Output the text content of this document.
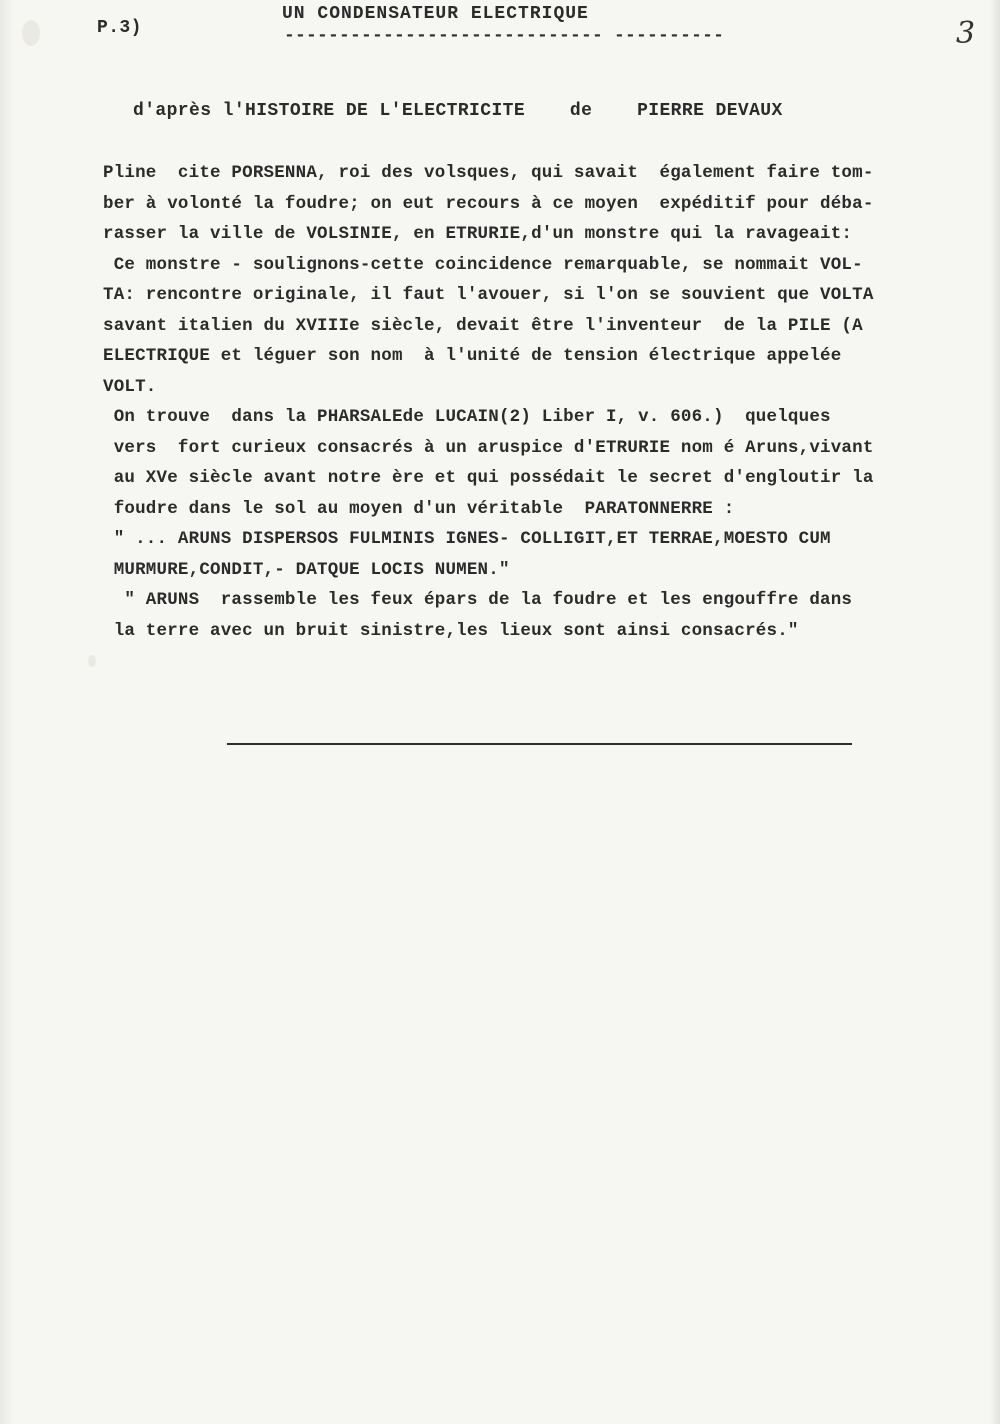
P.3)
UN CONDENSATEUR ELECTRIQUE
----------------------------- ----------	3
d'après l'HISTOIRE DE L'ELECTRICITE    de    PIERRE DEVAUX
Pline  cite PORSENNA, roi des volsques, qui savait  également faire tom-
ber à volonté la foudre; on eut recours à ce moyen  expéditif pour déba-
rasser la ville de VOLSINIE, en ETRURIE,d'un monstre qui la ravageait:
Ce monstre - soulignons-cette coincidence remarquable, se nommait VOL-
TA: rencontre originale, il faut l'avouer, si l'on se souvient que VOLTA
savant italien du XVIIIe siècle, devait être l'inventeur  de la PILE (A
ELECTRIQUE et léguer son nom  à l'unité de tension électrique appelée
VOLT.
On trouve  dans la PHARSALEde LUCAIN(2) Liber I, v. 606.)  quelques
vers  fort curieux consacrés à un aruspice d'ETRURIE nom é Aruns,vivant
au XVe siècle avant notre ère et qui possédait le secret d'engloutir la
foudre dans le sol au moyen d'un véritable  PARATONNERRE :
" ... ARUNS DISPERSOS FULMINIS IGNES- COLLIGIT,ET TERRAE,MOESTO CUM
MURMURE,CONDIT,- DATQUE LOCIS NUMEN."
" ARUNS  rassemble les feux épars de la foudre et les engouffre dans
la terre avec un bruit sinistre,les lieux sont ainsi consacrés."
